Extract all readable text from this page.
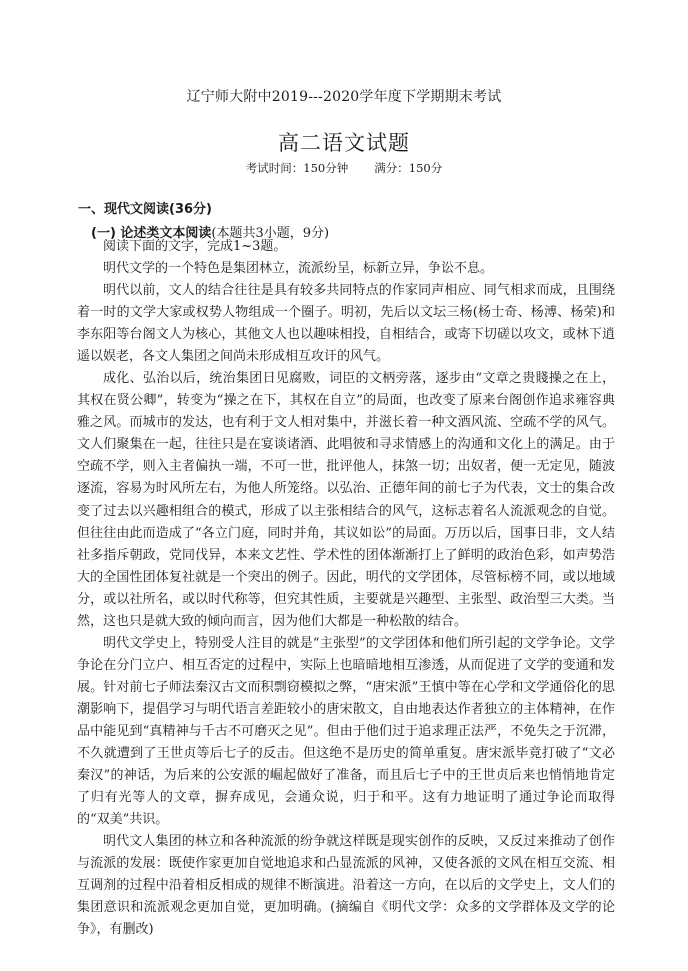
辽宁师大附中2019---2020学年度下学期期末考试
高二语文试题
考试时间：150分钟 满分：150分
一、现代文阅读(36分)
(一) 论述类文本阅读(本题共3小题，9分)

阅读下面的文字，完成1~3题。

明代文学的一个特色是集团林立，流派纷呈，标新立异，争讼不息。

明代以前，文人的结合往往是具有较多共同特点的作家同声相应、同气相求而成，且围绕着一时的文学大家或权势人物组成一个圈子。明初，先后以文坛三杨(杨士奇、杨溥、杨荣)和李东阳等台阁文人为核心，其他文人也以趣味相投，自相结合，或寄下切磋以攻文，或林下逍遥以娱老，各文人集团之间尚未形成相互攻讦的风气。

成化、弘治以后，统治集团日见腐败，词臣的文柄旁落，逐步由“文章之贵賤操之在上，其权在贤公卿”，转变为“操之在下，其权在自立”的局面，也改变了原来台阁创作追求雍容典雅之风。而城市的发达，也有利于文人相对集中，并滋长着一种文酒风流、空疏不学的风气。文人们聚集在一起，往往只是在宴谈诸酒、此唱彼和寻求情感上的沟通和文化上的满足。由于空疏不学，则入主者偏执一端，不可一世，批评他人，抹煞一切；出奴者，便一无定见，随波逐流，容易为时风所左右，为他人所笼络。以弘治、正德年间的前七子为代表，文士的集合改变了过去以兴趣相组合的模式，形成了以主张相结合的风气，这标志着名人流派观念的自觉。但往往由此而造成了“各立门庭，同时并角，其议如讼”的局面。万历以后，国事日非，文人结社多指斥朝政，党同伐异，本来文艺性、学术性的团体渐渐打上了鲜明的政治色彩，如声势浩大的全国性团体复社就是一个突出的例子。因此，明代的文学团体，尽管标榜不同，或以地域分，或以社所名，或以时代称等，但究其性质，主要就是兴趣型、主张型、政治型三大类。当然，这也只是就大致的倾向而言，因为他们大都是一种松散的结合。

明代文学史上，特别受人注目的就是“主张型”的文学团体和他们所引起的文学争论。文学争论在分门立户、相互否定的过程中，实际上也暗暗地相互渗透，从而促进了文学的变通和发展。针对前七子师法秦汉古文而积剽窃模拟之弊，“唐宋派”王慎中等在心学和文学通俗化的思潮影响下，提倡学习与明代语言差距较小的唐宋散文，自由地表达作者独立的主体精神，在作品中能见到“真精神与千古不可磨灭之见”。但由于他们过于追求理正法严，不免失之于沉滞，不久就遭到了王世贞等后七子的反击。但这绝不是历史的简单重复。唐宋派毕竟打破了“文必秦汉”的神话，为后来的公安派的崛起做好了准备，而且后七子中的王世贞后来也悄悄地肯定了归有光等人的文章，摒弃成见，会通众说，归于和平。这有力地证明了通过争论而取得的“双美”共识。

明代文人集团的林立和各种流派的纷争就这样既是现实创作的反映，又反过来推动了创作与流派的发展：既使作家更加自觉地追求和凸显流派的风神，又使各派的文风在相互交流、相互调剂的过程中沿着相反相成的规律不断演进。沿着这一方向，在以后的文学史上，文人们的集团意识和流派观念更加自觉，更加明确。(摘编自《明代文学：众多的文学群体及文学的论争》，有删改)
